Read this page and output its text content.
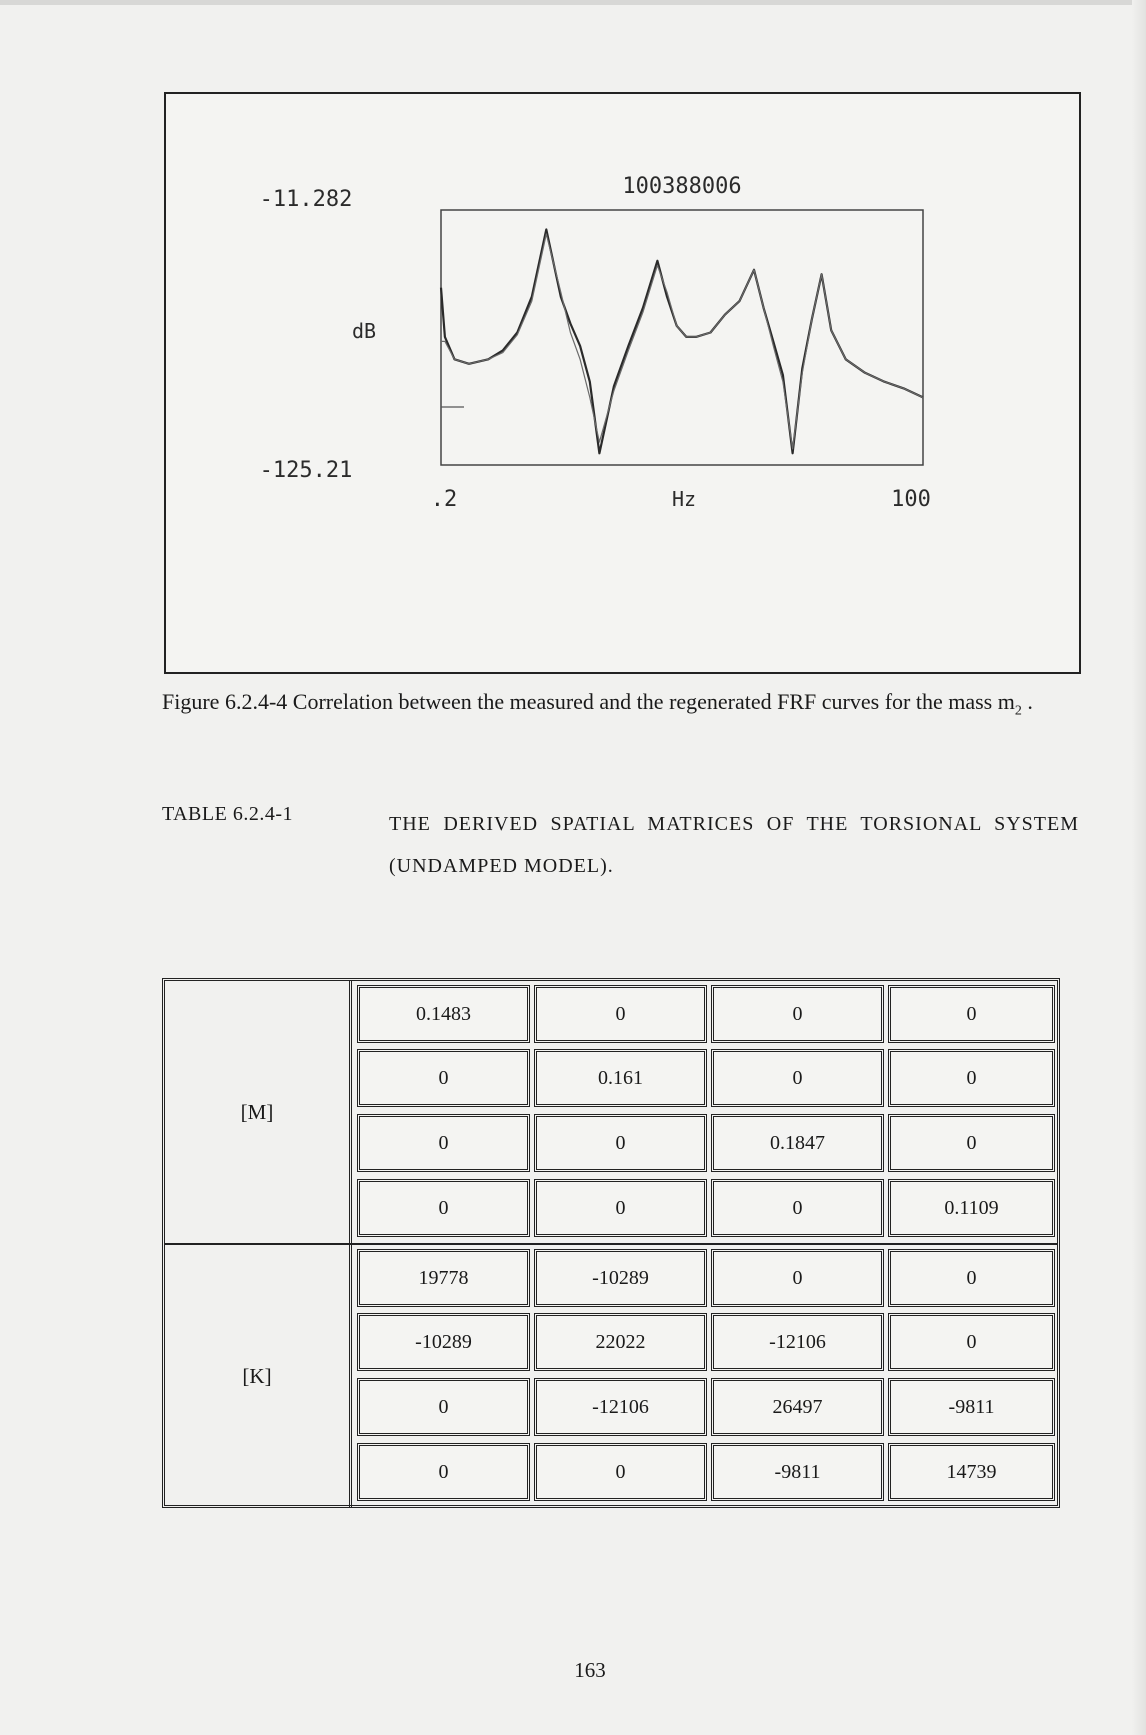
100388006
-11.282
dB
-125.21
.2	Hz	100
Figure 6.2.4-4 Correlation between the measured and the regenerated FRF curves for the mass $m_2$ .
TABLE 6.2.4-1	THE DERIVED SPATIAL MATRICES OF THE TORSIONAL SYSTEM (UNDAMPED MODEL).
[M]
0.1483	0	0	0
0	0.161	0	0
0	0	0.1847	0
0	0	0	0.1109
[K]
19778	-10289	0	0
-10289	22022	-12106	0
0	-12106	26497	-9811
0	0	-9811	14739
163
